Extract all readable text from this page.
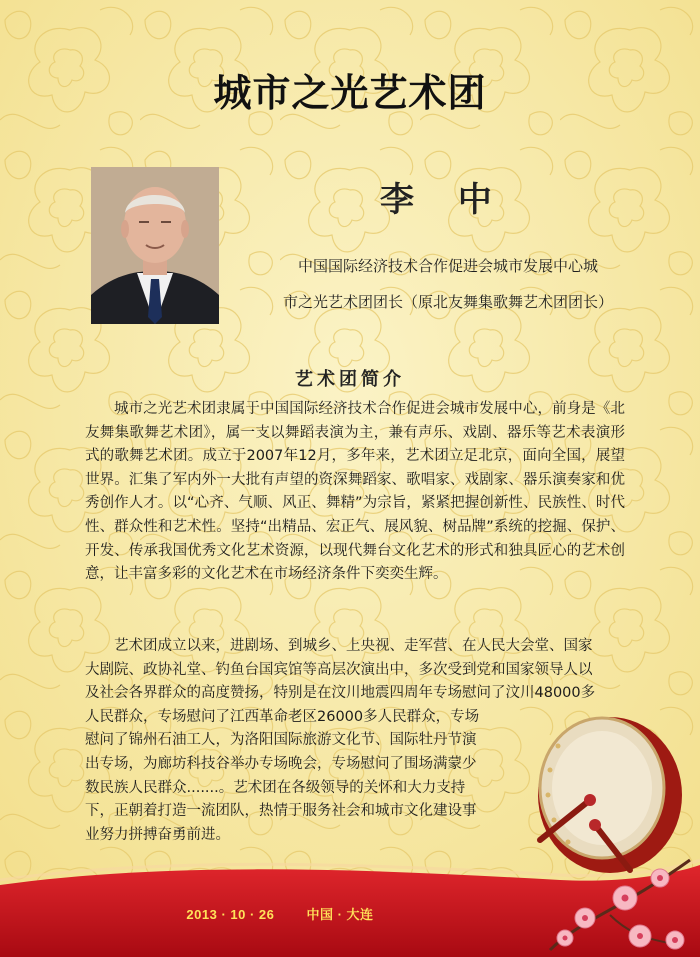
城市之光艺术团
李 中
中国国际经济技术合作促进会城市发展中心城
市之光艺术团团长（原北友舞集歌舞艺术团团长）
艺术团简介
城市之光艺术团隶属于中国国际经济技术合作促进会城市发展中心，前身是《北友舞集歌舞艺术团》，属一支以舞蹈表演为主，兼有声乐、戏剧、器乐等艺术表演形式的歌舞艺术团。成立于2007年12月，多年来，艺术团立足北京，面向全国，展望世界。汇集了军内外一大批有声望的资深舞蹈家、歌唱家、戏剧家、器乐演奏家和优秀创作人才。以“心齐、气顺、风正、舞精”为宗旨，紧紧把握创新性、民族性、时代性、群众性和艺术性。坚持“出精品、宏正气、展风貌、树品牌”系统的挖掘、保护、开发、传承我国优秀文化艺术资源，以现代舞台文化艺术的形式和独具匠心的艺术创意，让丰富多彩的文化艺术在市场经济条件下奕奕生辉。
艺术团成立以来，进剧场、到城乡、上央视、走军营、在人民大会堂、国家
大剧院、政协礼堂、钓鱼台国宾馆等高层次演出中，多次受到党和国家领导人以
及社会各界群众的高度赞扬，特别是在汶川地震四周年专场慰问了汶川48000多
人民群众，专场慰问了江西革命老区26000多人民群众，专场
慰问了锦州石油工人，为洛阳国际旅游文化节、国际牡丹节演
出专场，为廊坊科技谷举办专场晚会，专场慰问了围场满蒙少
数民族人民群众.......。艺术团在各级领导的关怀和大力支持
下，正朝着打造一流团队，热情于服务社会和城市文化建设事
业努力拼搏奋勇前进。
2013 · 10 · 26 中国 · 大连
